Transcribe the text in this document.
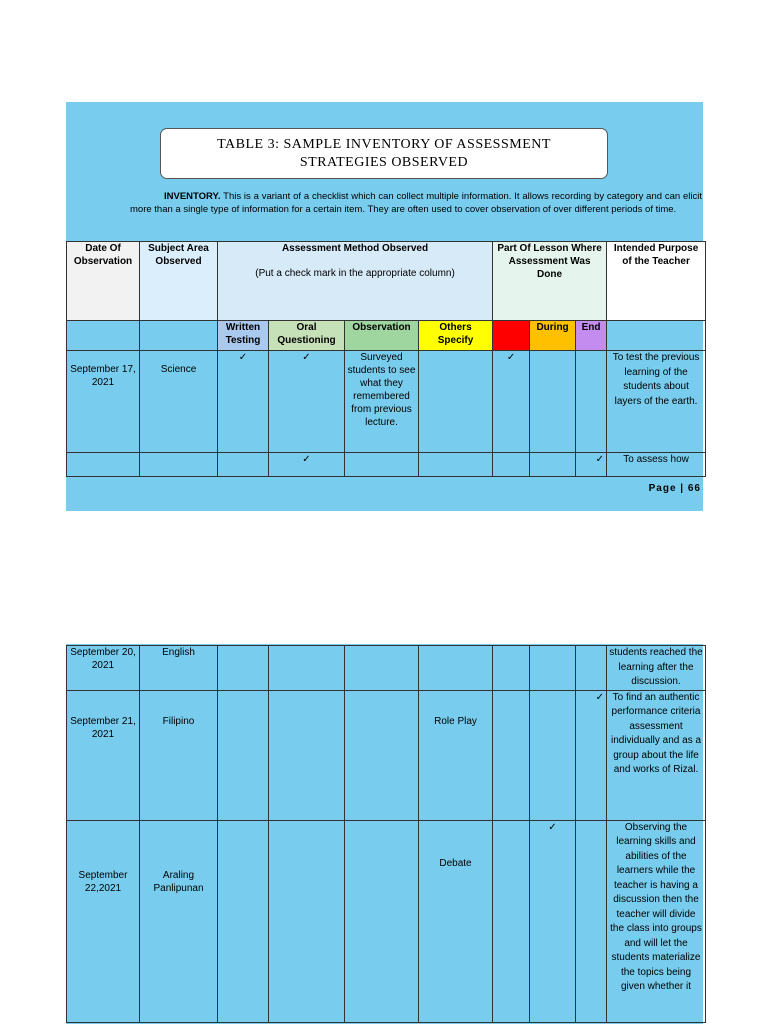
TABLE 3: SAMPLE INVENTORY OF ASSESSMENT
STRATEGIES OBSERVED
INVENTORY. This is a variant of a checklist which can collect multiple information. It allows recording by category and can elicit more than a single type of information for a certain item. They are often used to cover observation of over different periods of time.
Date Of Observation	Subject Area Observed	Assessment Method Observed
(Put a check mark in the appropriate column)				Part Of Lesson Where Assessment Was Done			Intended Purpose of the Teacher
		Written Testing	Oral Questioning	Observation	Others Specify	Start	During	End	
September 17, 2021	Science	✓	✓	Surveyed students to see what they remembered from previous lecture.		✓			To test the previous learning of the students about layers of the earth.
			✓					✓	To assess how
Page | 66
September 20, 2021	English								students reached the learning after the discussion.
September 21, 2021	Filipino				Role Play			✓	To find an authentic performance criteria assessment individually and as a group about the life and works of Rizal.
September 22,2021	Araling Panlipunan				Debate		✓		Observing the learning skills and abilities of the learners while the teacher is having a discussion then the teacher will divide the class into groups and will let the students materialize the topics being given whether it
